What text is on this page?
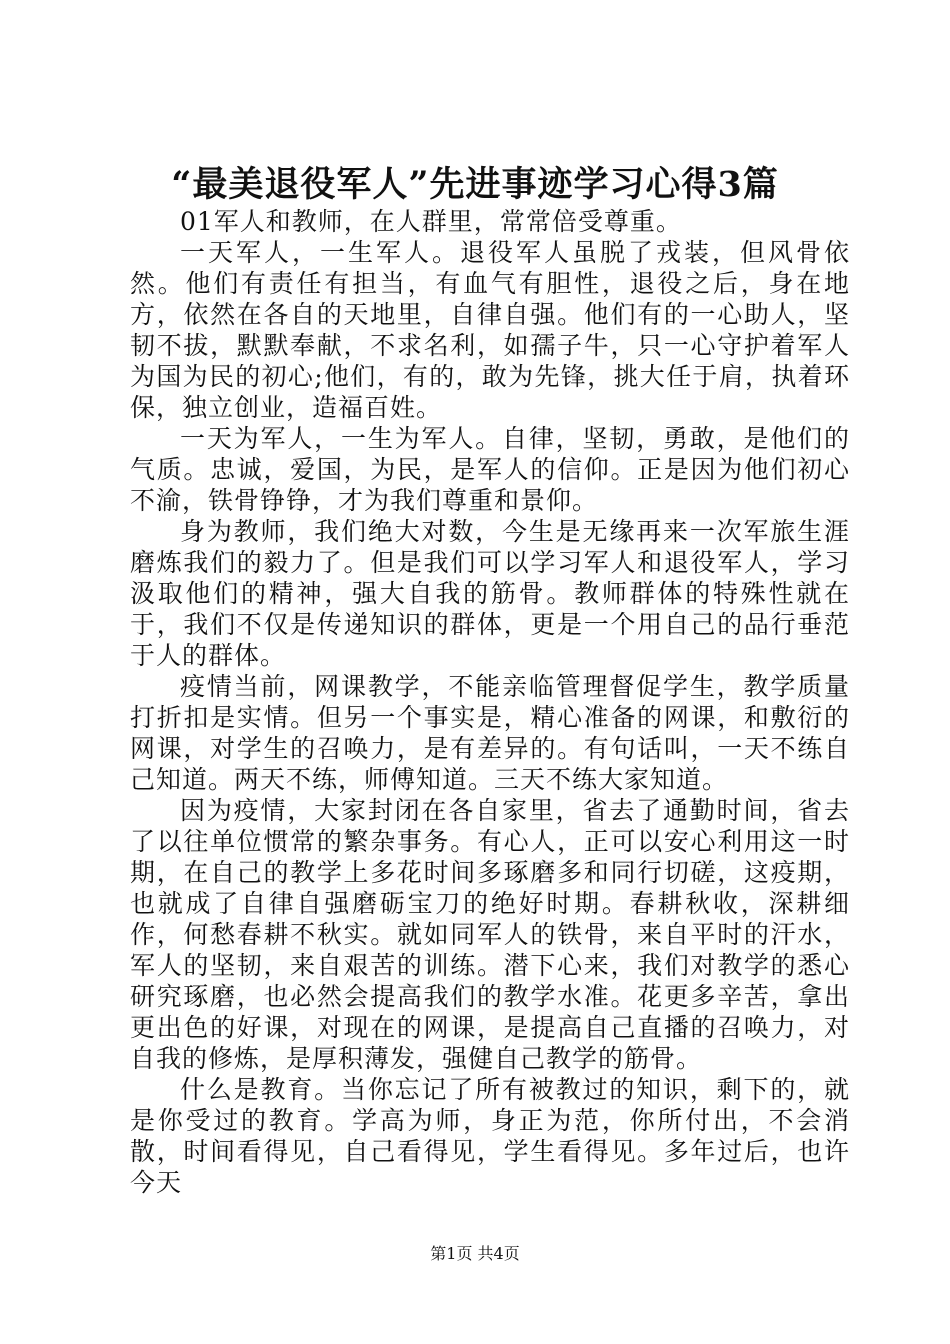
“最美退役军人”先进事迹学习心得3篇

01军人和教师，在人群里，常常倍受尊重。

一天军人，一生军人。退役军人虽脱了戎装，但风骨依然。他们有责任有担当，有血气有胆性，退役之后，身在地方，依然在各自的天地里，自律自强。他们有的一心助人，坚韧不拔，默默奉献，不求名利，如孺子牛，只一心守护着军人为国为民的初心;他们，有的，敢为先锋，挑大任于肩，执着环保，独立创业，造福百姓。

一天为军人，一生为军人。自律，坚韧，勇敢，是他们的气质。忠诚，爱国，为民，是军人的信仰。正是因为他们初心不渝，铁骨铮铮，才为我们尊重和景仰。

身为教师，我们绝大对数，今生是无缘再来一次军旅生涯磨炼我们的毅力了。但是我们可以学习军人和退役军人，学习汲取他们的精神，强大自我的筋骨。教师群体的特殊性就在于，我们不仅是传递知识的群体，更是一个用自己的品行垂范于人的群体。

疫情当前，网课教学，不能亲临管理督促学生，教学质量打折扣是实情。但另一个事实是，精心准备的网课，和敷衍的网课，对学生的召唤力，是有差异的。有句话叫，一天不练自己知道。两天不练，师傅知道。三天不练大家知道。

因为疫情，大家封闭在各自家里，省去了通勤时间，省去了以往单位惯常的繁杂事务。有心人，正可以安心利用这一时期，在自己的教学上多花时间多琢磨多和同行切磋，这疫期，也就成了自律自强磨砺宝刀的绝好时期。春耕秋收，深耕细作，何愁春耕不秋实。就如同军人的铁骨，来自平时的汗水，军人的坚韧，来自艰苦的训练。潜下心来，我们对教学的悉心研究琢磨，也必然会提高我们的教学水准。花更多辛苦，拿出更出色的好课，对现在的网课，是提高自己直播的召唤力，对自我的修炼，是厚积薄发，强健自己教学的筋骨。

什么是教育。当你忘记了所有被教过的知识，剩下的，就是你受过的教育。学高为师，身正为范，你所付出，不会消散，时间看得见，自己看得见，学生看得见。多年过后，也许今天

第1页 共4页
